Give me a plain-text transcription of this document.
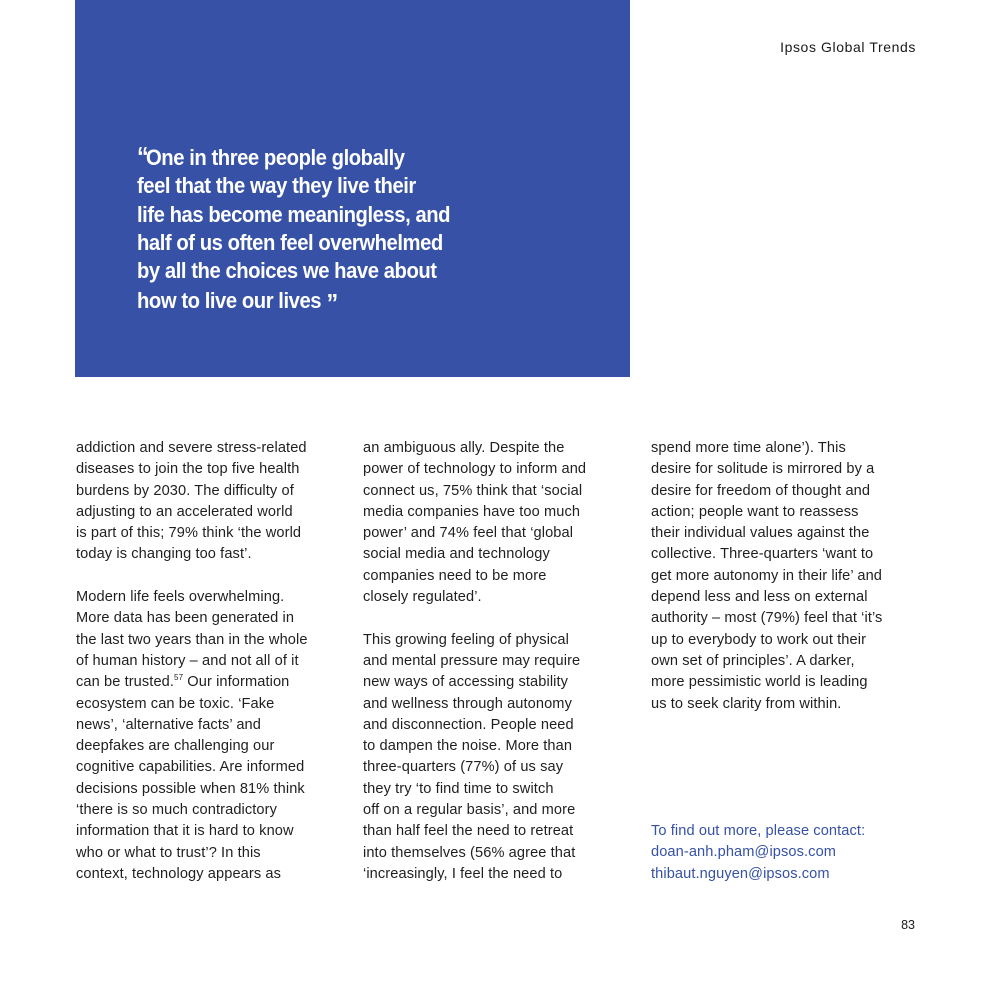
“One in three people globally
feel that the way they live their
life has become meaningless, and
half of us often feel overwhelmed
by all the choices we have about
how to live our lives ”

Ipsos Global Trends

addiction and severe stress-related
diseases to join the top five health
burdens by 2030. The difficulty of
adjusting to an accelerated world
is part of this; 79% think ‘the world
today is changing too fast’.

Modern life feels overwhelming.
More data has been generated in
the last two years than in the whole
of human history – and not all of it
can be trusted.$^{57}$ Our information
ecosystem can be toxic. ‘Fake
news’, ‘alternative facts’ and
deepfakes are challenging our
cognitive capabilities. Are informed
decisions possible when 81% think
‘there is so much contradictory
information that it is hard to know
who or what to trust’? In this
context, technology appears as

an ambiguous ally. Despite the
power of technology to inform and
connect us, 75% think that ‘social
media companies have too much
power’ and 74% feel that ‘global
social media and technology
companies need to be more
closely regulated’.

This growing feeling of physical
and mental pressure may require
new ways of accessing stability
and wellness through autonomy
and disconnection. People need
to dampen the noise. More than
three-quarters (77%) of us say
they try ‘to find time to switch
off on a regular basis’, and more
than half feel the need to retreat
into themselves (56% agree that
‘increasingly, I feel the need to

spend more time alone’). This
desire for solitude is mirrored by a
desire for freedom of thought and
action; people want to reassess
their individual values against the
collective. Three-quarters ‘want to
get more autonomy in their life’ and
depend less and less on external
authority – most (79%) feel that ‘it’s
up to everybody to work out their
own set of principles’. A darker,
more pessimistic world is leading
us to seek clarity from within.

To find out more, please contact:
doan-anh.pham@ipsos.com
thibaut.nguyen@ipsos.com
83
